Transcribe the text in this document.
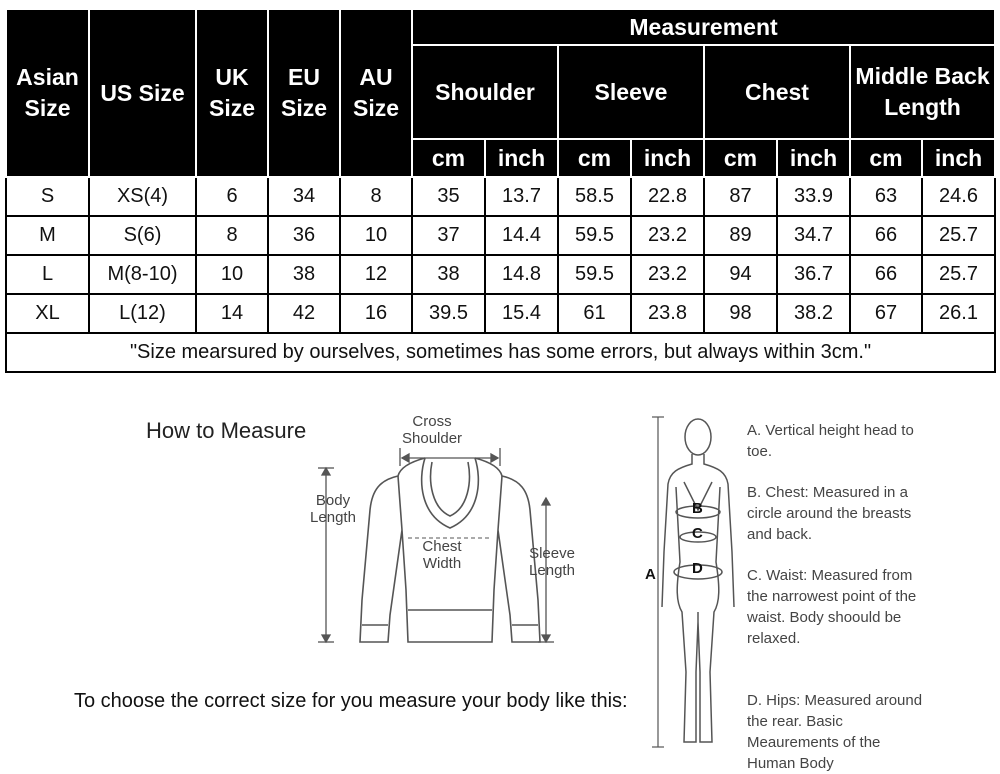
Asian Size	US Size	UK Size	EU Size	AU Size	Measurement							
					Shoulder		Sleeve		Chest		Middle Back Length	
					cm	inch	cm	inch	cm	inch	cm	inch
S	XS(4)	6	34	8	35	13.7	58.5	22.8	87	33.9	63	24.6
M	S(6)	8	36	10	37	14.4	59.5	23.2	89	34.7	66	25.7
L	M(8-10)	10	38	12	38	14.8	59.5	23.2	94	36.7	66	25.7
XL	L(12)	14	42	16	39.5	15.4	61	23.8	98	38.2	67	26.1
"Size mearsured by ourselves, sometimes has some errors, but always within 3cm."												
How to Measure	Cross Shoulder
Body Length
Chest Width
Sleeve Length	A
B
C
D
A. Vertical height head to toe.
B. Chest: Measured in a circle around the breasts and back.
C. Waist: Measured from the narrowest point of the waist. Body shoould be relaxed.
D. Hips: Measured around the rear. Basic Meaurements of the Human Body
To choose the correct size for you measure your body like this:
